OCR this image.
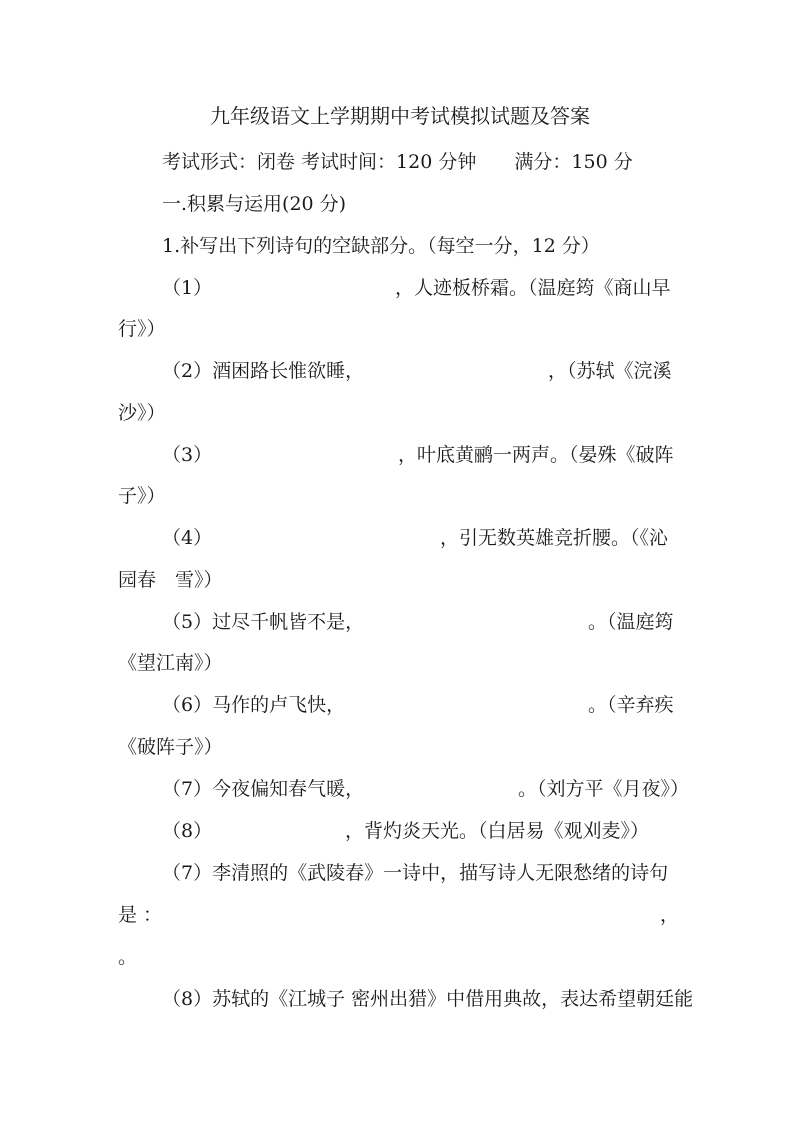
九年级语文上学期期中考试模拟试题及答案
考试形式：闭卷 考试时间：120 分钟 满分：150 分
一.积累与运用(20 分)
1.补写出下列诗句的空缺部分。（每空一分，12 分）
（1）	，人迹板桥霜。（温庭筠《商山早
行》）
（2）酒困路长惟欲睡，	，（苏轼《浣溪
沙》）
（3）	，叶底黄鹂一两声。（晏殊《破阵
子》）
（4）	，引无数英雄竞折腰。（《沁
园春　雪》）
（5）过尽千帆皆不是，	。（温庭筠
《望江南》）
（6）马作的卢飞快，	。（辛弃疾
《破阵子》）
（7）今夜偏知春气暖，	。（刘方平《月夜》）
（8）	，背灼炎天光。（白居易《观刈麦》）
（7）李清照的《武陵春》一诗中，描写诗人无限愁绪的诗句
是 ：	，
。
（8）苏轼的《江城子 密州出猎》中借用典故，表达希望朝廷能
